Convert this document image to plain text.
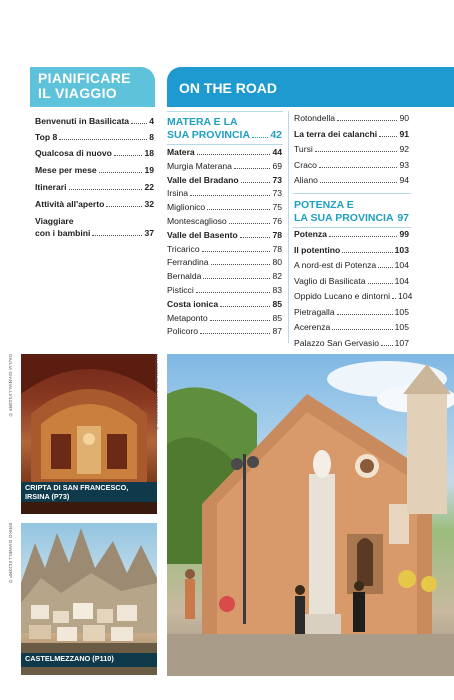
PIANIFICARE
IL VIAGGIO
Benvenuti in Basilicata 4
Top 8	8
Qualcosa di nuovo	18
Mese per mese	19
Itinerari	22
Attività all'aperto	32
Viaggiare
con i bambini	37
ON THE ROAD
MATERA E LA
SUA PROVINCIA 42
Matera	44
Murgia Materana	69
Valle del Bradano	73
Irsina	73
Miglionico	75
Montescaglioso	76
Valle del Basento	78
Tricarico	78
Ferrandina	80
Bernalda	82
Pisticci	83
Costa ionica	85
Metaponto	85
Policoro	87
Rotondella	90
La terra dei calanchi	91
Tursi	92
Craco	93
Aliano	94
POTENZA E
LA SUA PROVINCIA 97
Potenza	99
Il potentino	103
A nord-est di Potenza 104
Vaglio di Basilicata	104
Oppido Lucano e dintorni 104
Pietragalla	105
Acerenza	105
Palazzo San Gervasio 107
CRIPTA DI SAN FRANCESCO,
IRSINA (P73)
GIULIA GIANIALLI/123RF ©
CASTELMEZZANO (P110)
ERIKO GIANELLI/123RF ©
VALERIOMEI/SHUTTERSTOCK ©
